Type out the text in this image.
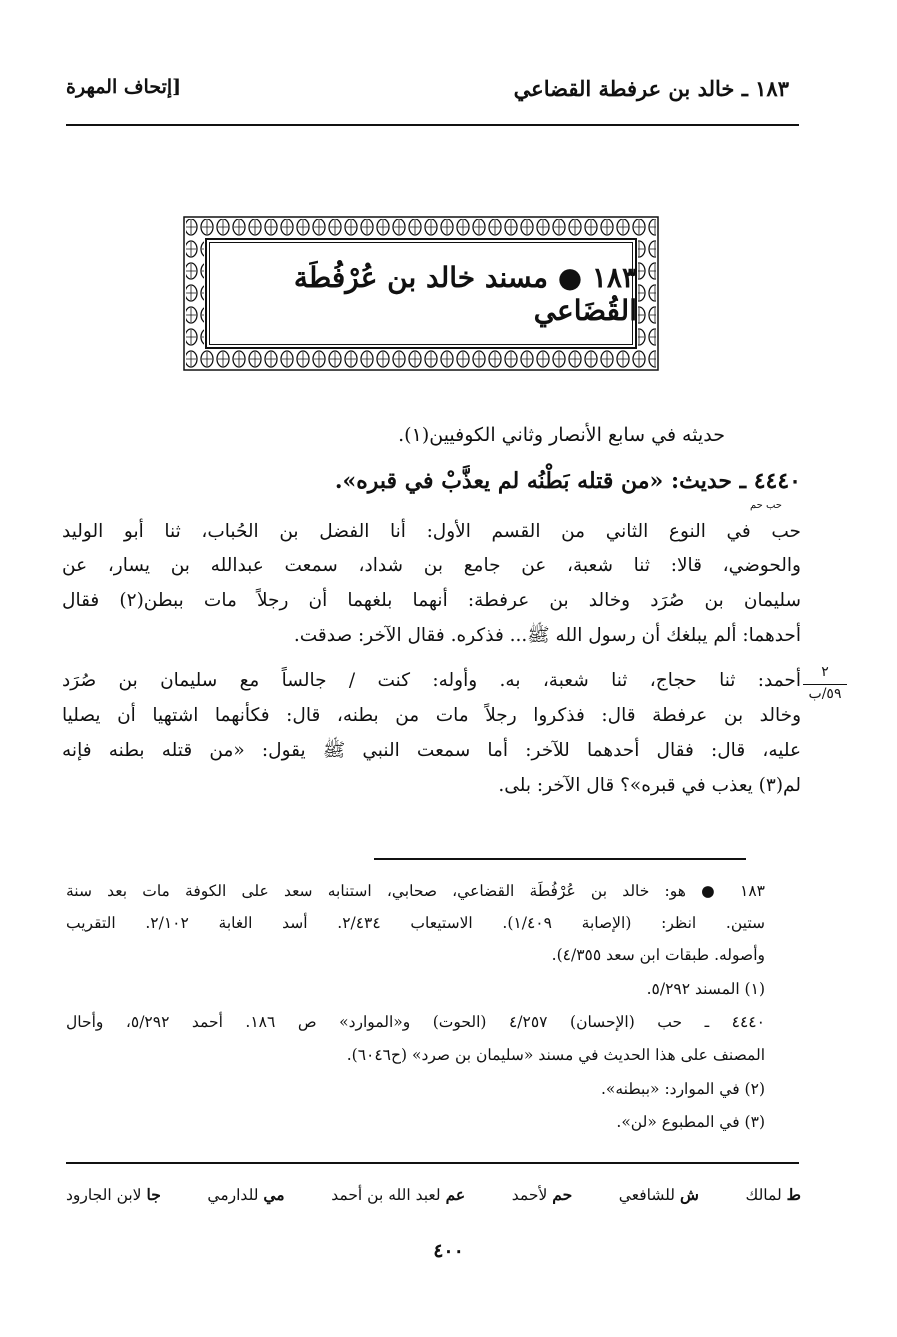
١٨٣ ـ خالد بن عرفطة القضاعي
[إتحاف المهرة
١٨٣ ● مسند خالد بن عُرْفُطَة القُضَاعي
حديثه في سابع الأنصار وثاني الكوفيين(١).
٤٤٤٠ ـ حديث: «من قتله بَطْنُه لم يعذَّبْ في قبره».
حب حم
حب في النوع الثاني من القسم الأول: أنا الفضل بن الحُباب، ثنا أبو الوليد
والحوضي، قالا: ثنا شعبة، عن جامع بن شداد، سمعت عبدالله بن يسار، عن
سليمان بن صُرَد وخالد بن عرفطة: أنهما بلغهما أن رجلاً مات ببطن(٢) فقال
أحدهما: ألم يبلغك أن رسول الله ﷺ... فذكره. فقال الآخر: صدقت.
أحمد: ثنا حجاج، ثنا شعبة، به. وأوله: كنت / جالساً مع سليمان بن صُرَد
وخالد بن عرفطة قال: فذكروا رجلاً مات من بطنه، قال: فكأنهما اشتهيا أن يصليا
عليه، قال: فقال أحدهما للآخر: أما سمعت النبي ﷺ يقول: «من قتله بطنه فإنه
لم(٣) يعذب في قبره»؟ قال الآخر: بلى.
٢
٥٩/ب
١٨٣ ● هو: خالد بن عُرْفُطَة القضاعي، صحابي، استنابه سعد على الكوفة مات بعد سنة
ستين. انظر: (الإصابة ١/٤٠٩). الاستيعاب ٢/٤٣٤. أسد الغابة ٢/١٠٢. التقريب
وأصوله. طبقات ابن سعد ٤/٣٥٥).
(١) المسند ٥/٢٩٢.
٤٤٤٠ ـ حب (الإحسان) ٤/٢٥٧ (الحوت) و«الموارد» ص ١٨٦. أحمد ٥/٢٩٢، وأحال
المصنف على هذا الحديث في مسند «سليمان بن صرد» (ح٦٠٤٦).
(٢) في الموارد: «ببطنه».
(٣) في المطبوع «لن».
ط لمالك
ش للشافعي
حم لأحمد
عم لعبد الله بن أحمد
مي للدارمي
جا لابن الجارود
٤٠٠
